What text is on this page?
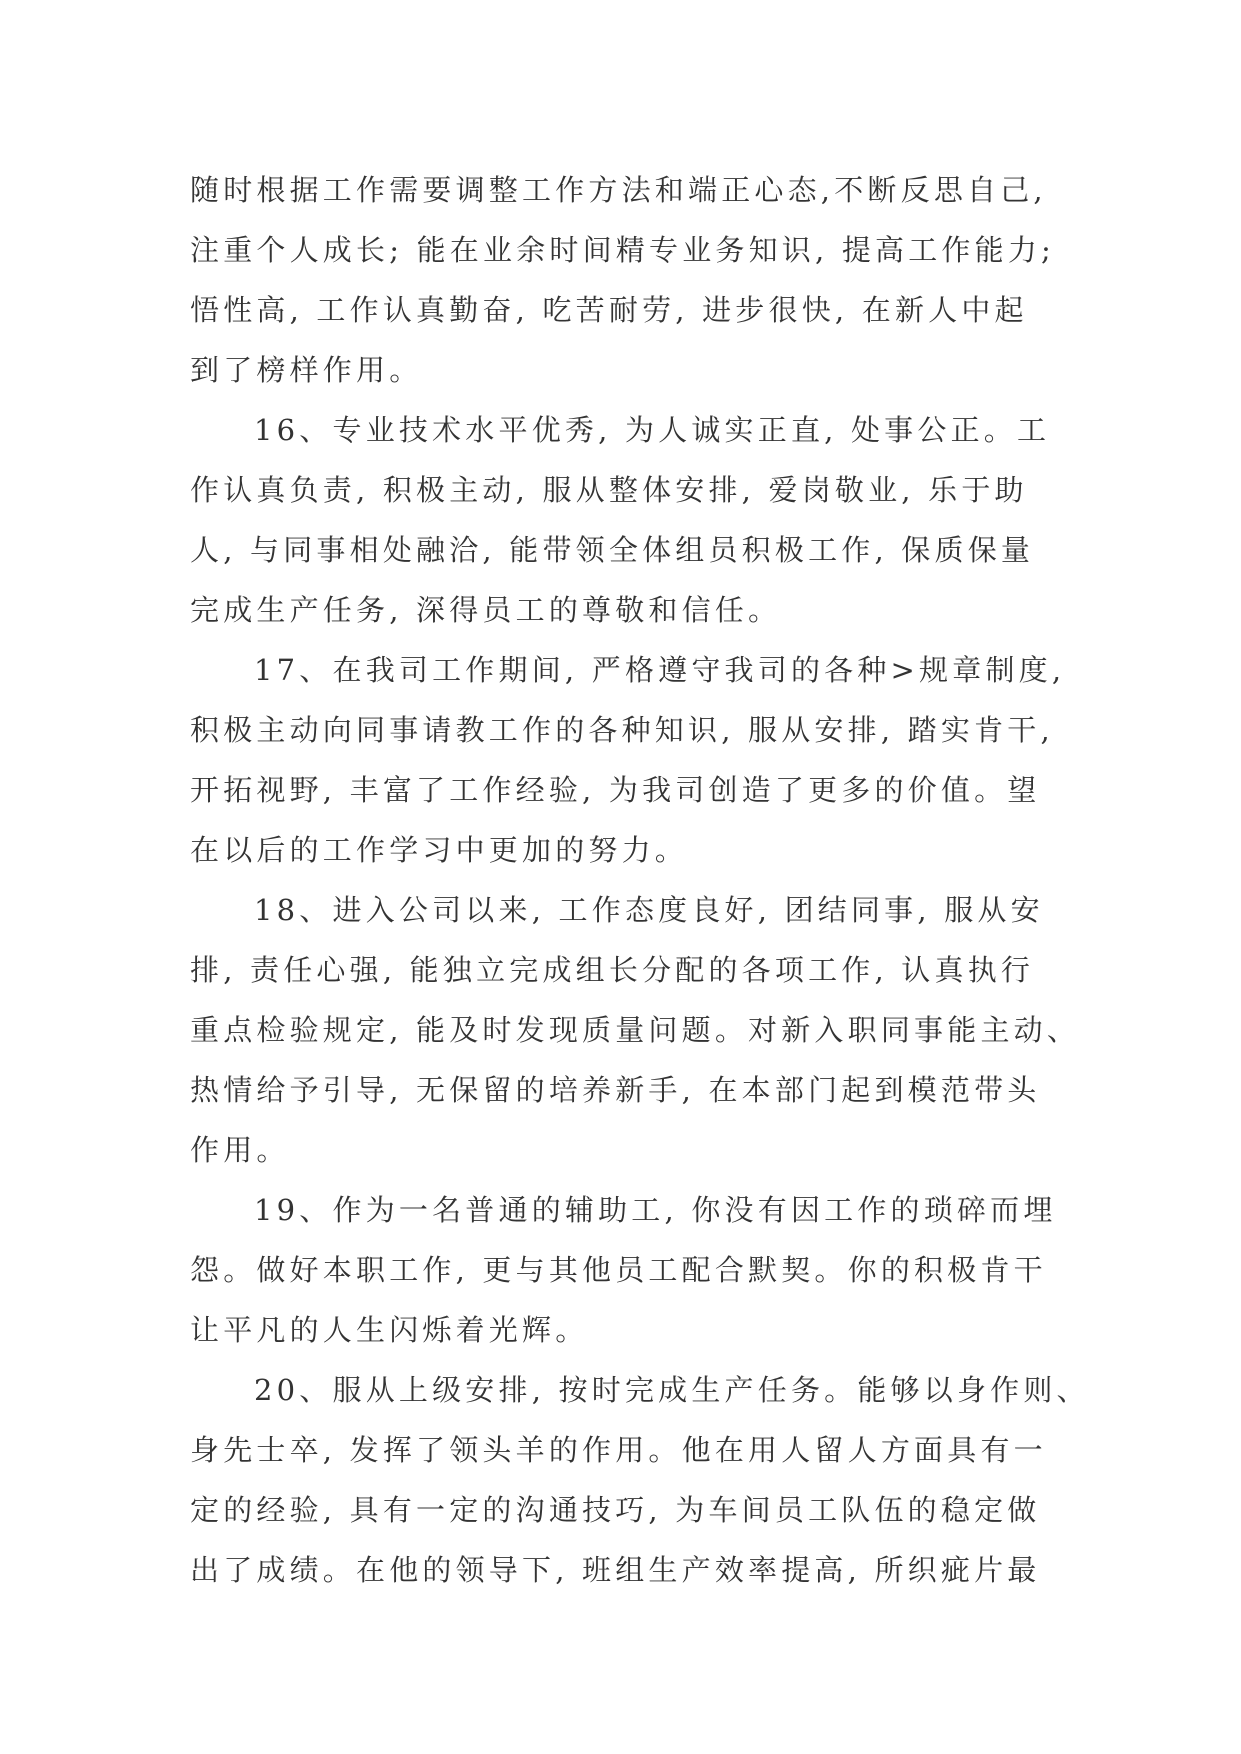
随时根据工作需要调整工作方法和端正心态,不断反思自己,
注重个人成长; 能在业余时间精专业务知识, 提高工作能力;
悟性高, 工作认真勤奋, 吃苦耐劳, 进步很快, 在新人中起
到了榜样作用。
16、专业技术水平优秀, 为人诚实正直, 处事公正。工
作认真负责, 积极主动, 服从整体安排, 爱岗敬业, 乐于助
人, 与同事相处融洽, 能带领全体组员积极工作, 保质保量
完成生产任务, 深得员工的尊敬和信任。
17、在我司工作期间, 严格遵守我司的各种>规章制度,
积极主动向同事请教工作的各种知识, 服从安排, 踏实肯干,
开拓视野, 丰富了工作经验, 为我司创造了更多的价值。望
在以后的工作学习中更加的努力。
18、进入公司以来, 工作态度良好, 团结同事, 服从安
排, 责任心强, 能独立完成组长分配的各项工作, 认真执行
重点检验规定, 能及时发现质量问题。对新入职同事能主动、
热情给予引导, 无保留的培养新手, 在本部门起到模范带头
作用。
19、作为一名普通的辅助工, 你没有因工作的琐碎而埋
怨。做好本职工作, 更与其他员工配合默契。你的积极肯干
让平凡的人生闪烁着光辉。
20、服从上级安排, 按时完成生产任务。能够以身作则、
身先士卒, 发挥了领头羊的作用。他在用人留人方面具有一
定的经验, 具有一定的沟通技巧, 为车间员工队伍的稳定做
出了成绩。在他的领导下, 班组生产效率提高, 所织疵片最
